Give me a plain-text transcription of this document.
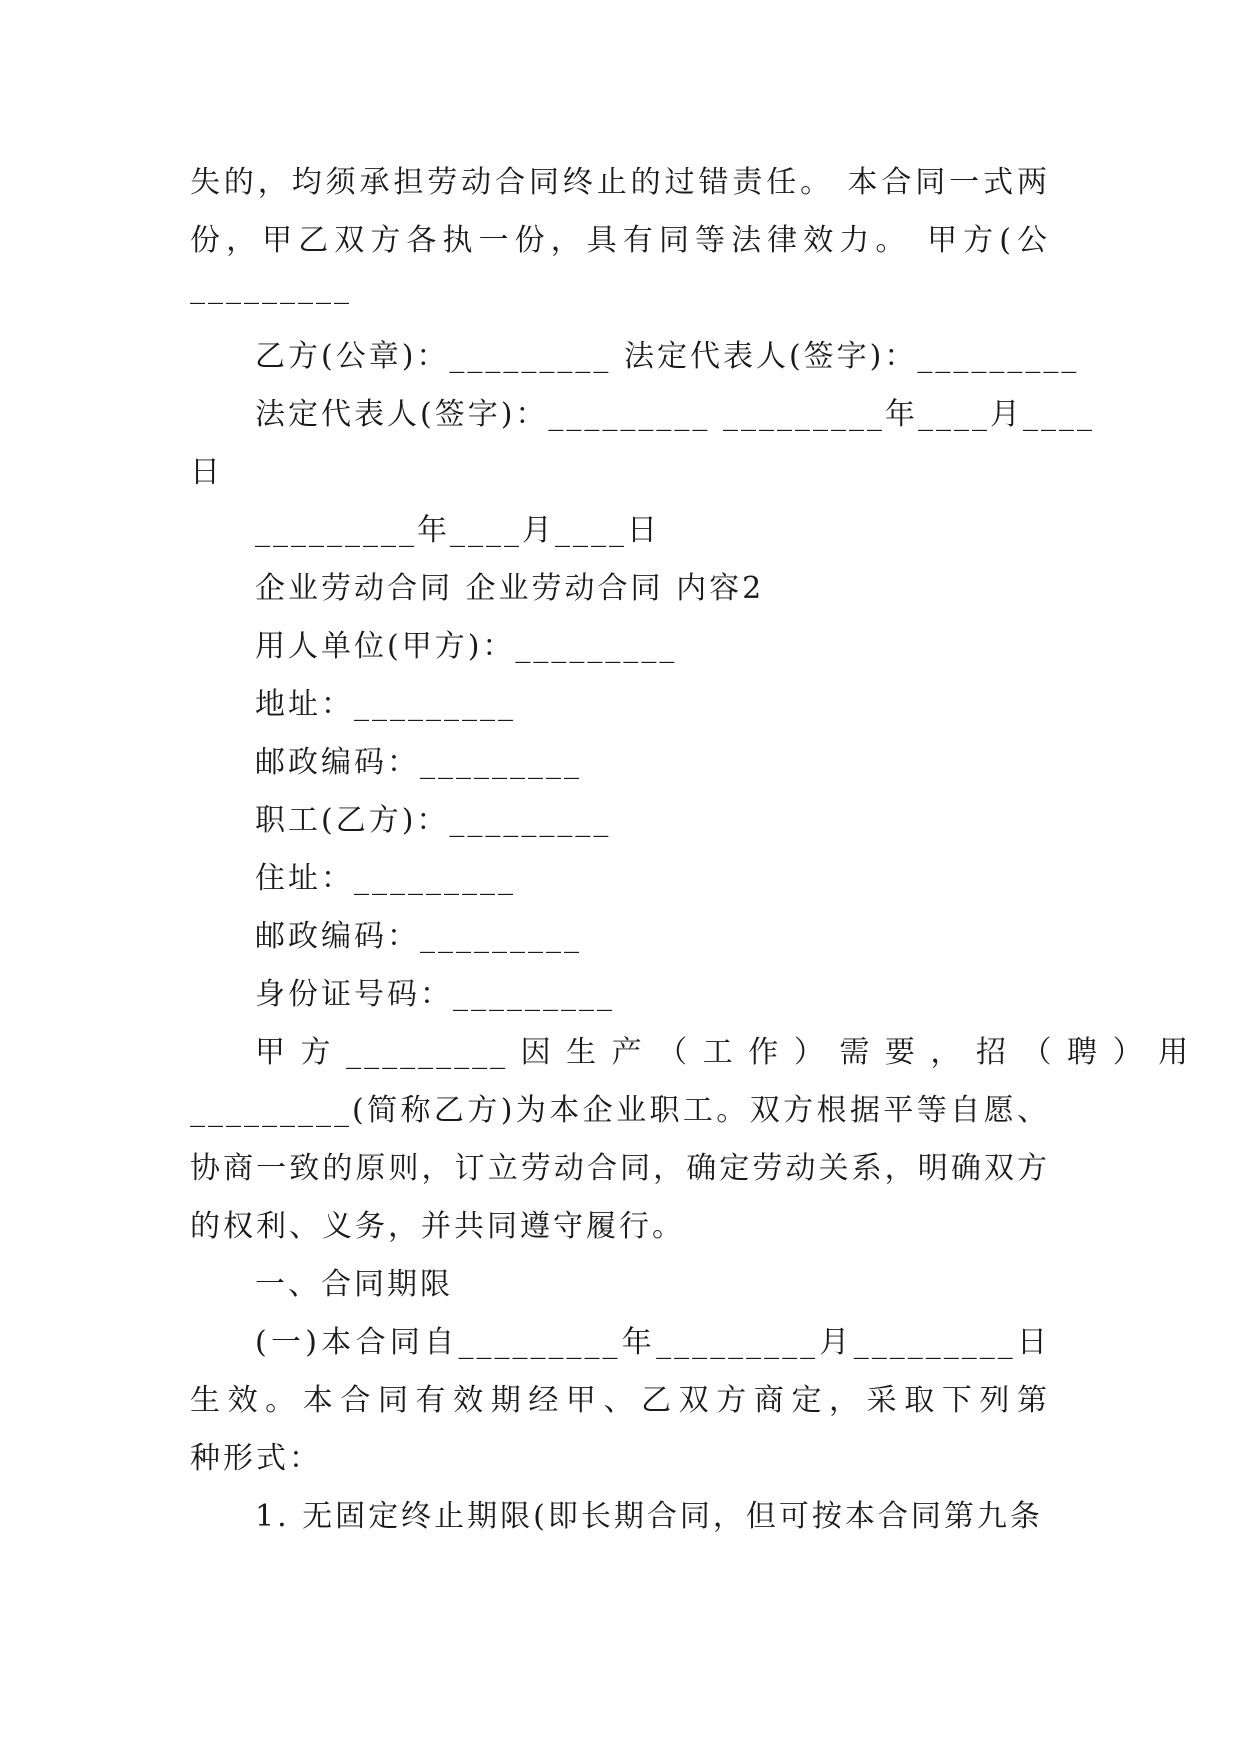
失的，均须承担劳动合同终止的过错责任。 本合同一式两
份，甲乙双方各执一份，具有同等法律效力。 甲方(公
_________
乙方(公章)：_________ 法定代表人(签字)：_________
法定代表人(签字)：_________ _________年____月____
日
_________年____月____日
企业劳动合同 企业劳动合同 内容2
用人单位(甲方)：_________
地址：_________
邮政编码：_________
职工(乙方)：_________
住址：_________
邮政编码：_________
身份证号码：_________
甲 方 _________ 因 生 产 （ 工 作 ） 需 要 ， 招 （ 聘 ） 用
_________(简称乙方)为本企业职工。双方根据平等自愿、
协商一致的原则，订立劳动合同，确定劳动关系，明确双方
的权利、义务，并共同遵守履行。
一、合同期限
(一)本合同自_________年_________月_________日
生效。本合同有效期经甲、乙双方商定，采取下列第
种形式：
1. 无固定终止期限(即长期合同，但可按本合同第九条
